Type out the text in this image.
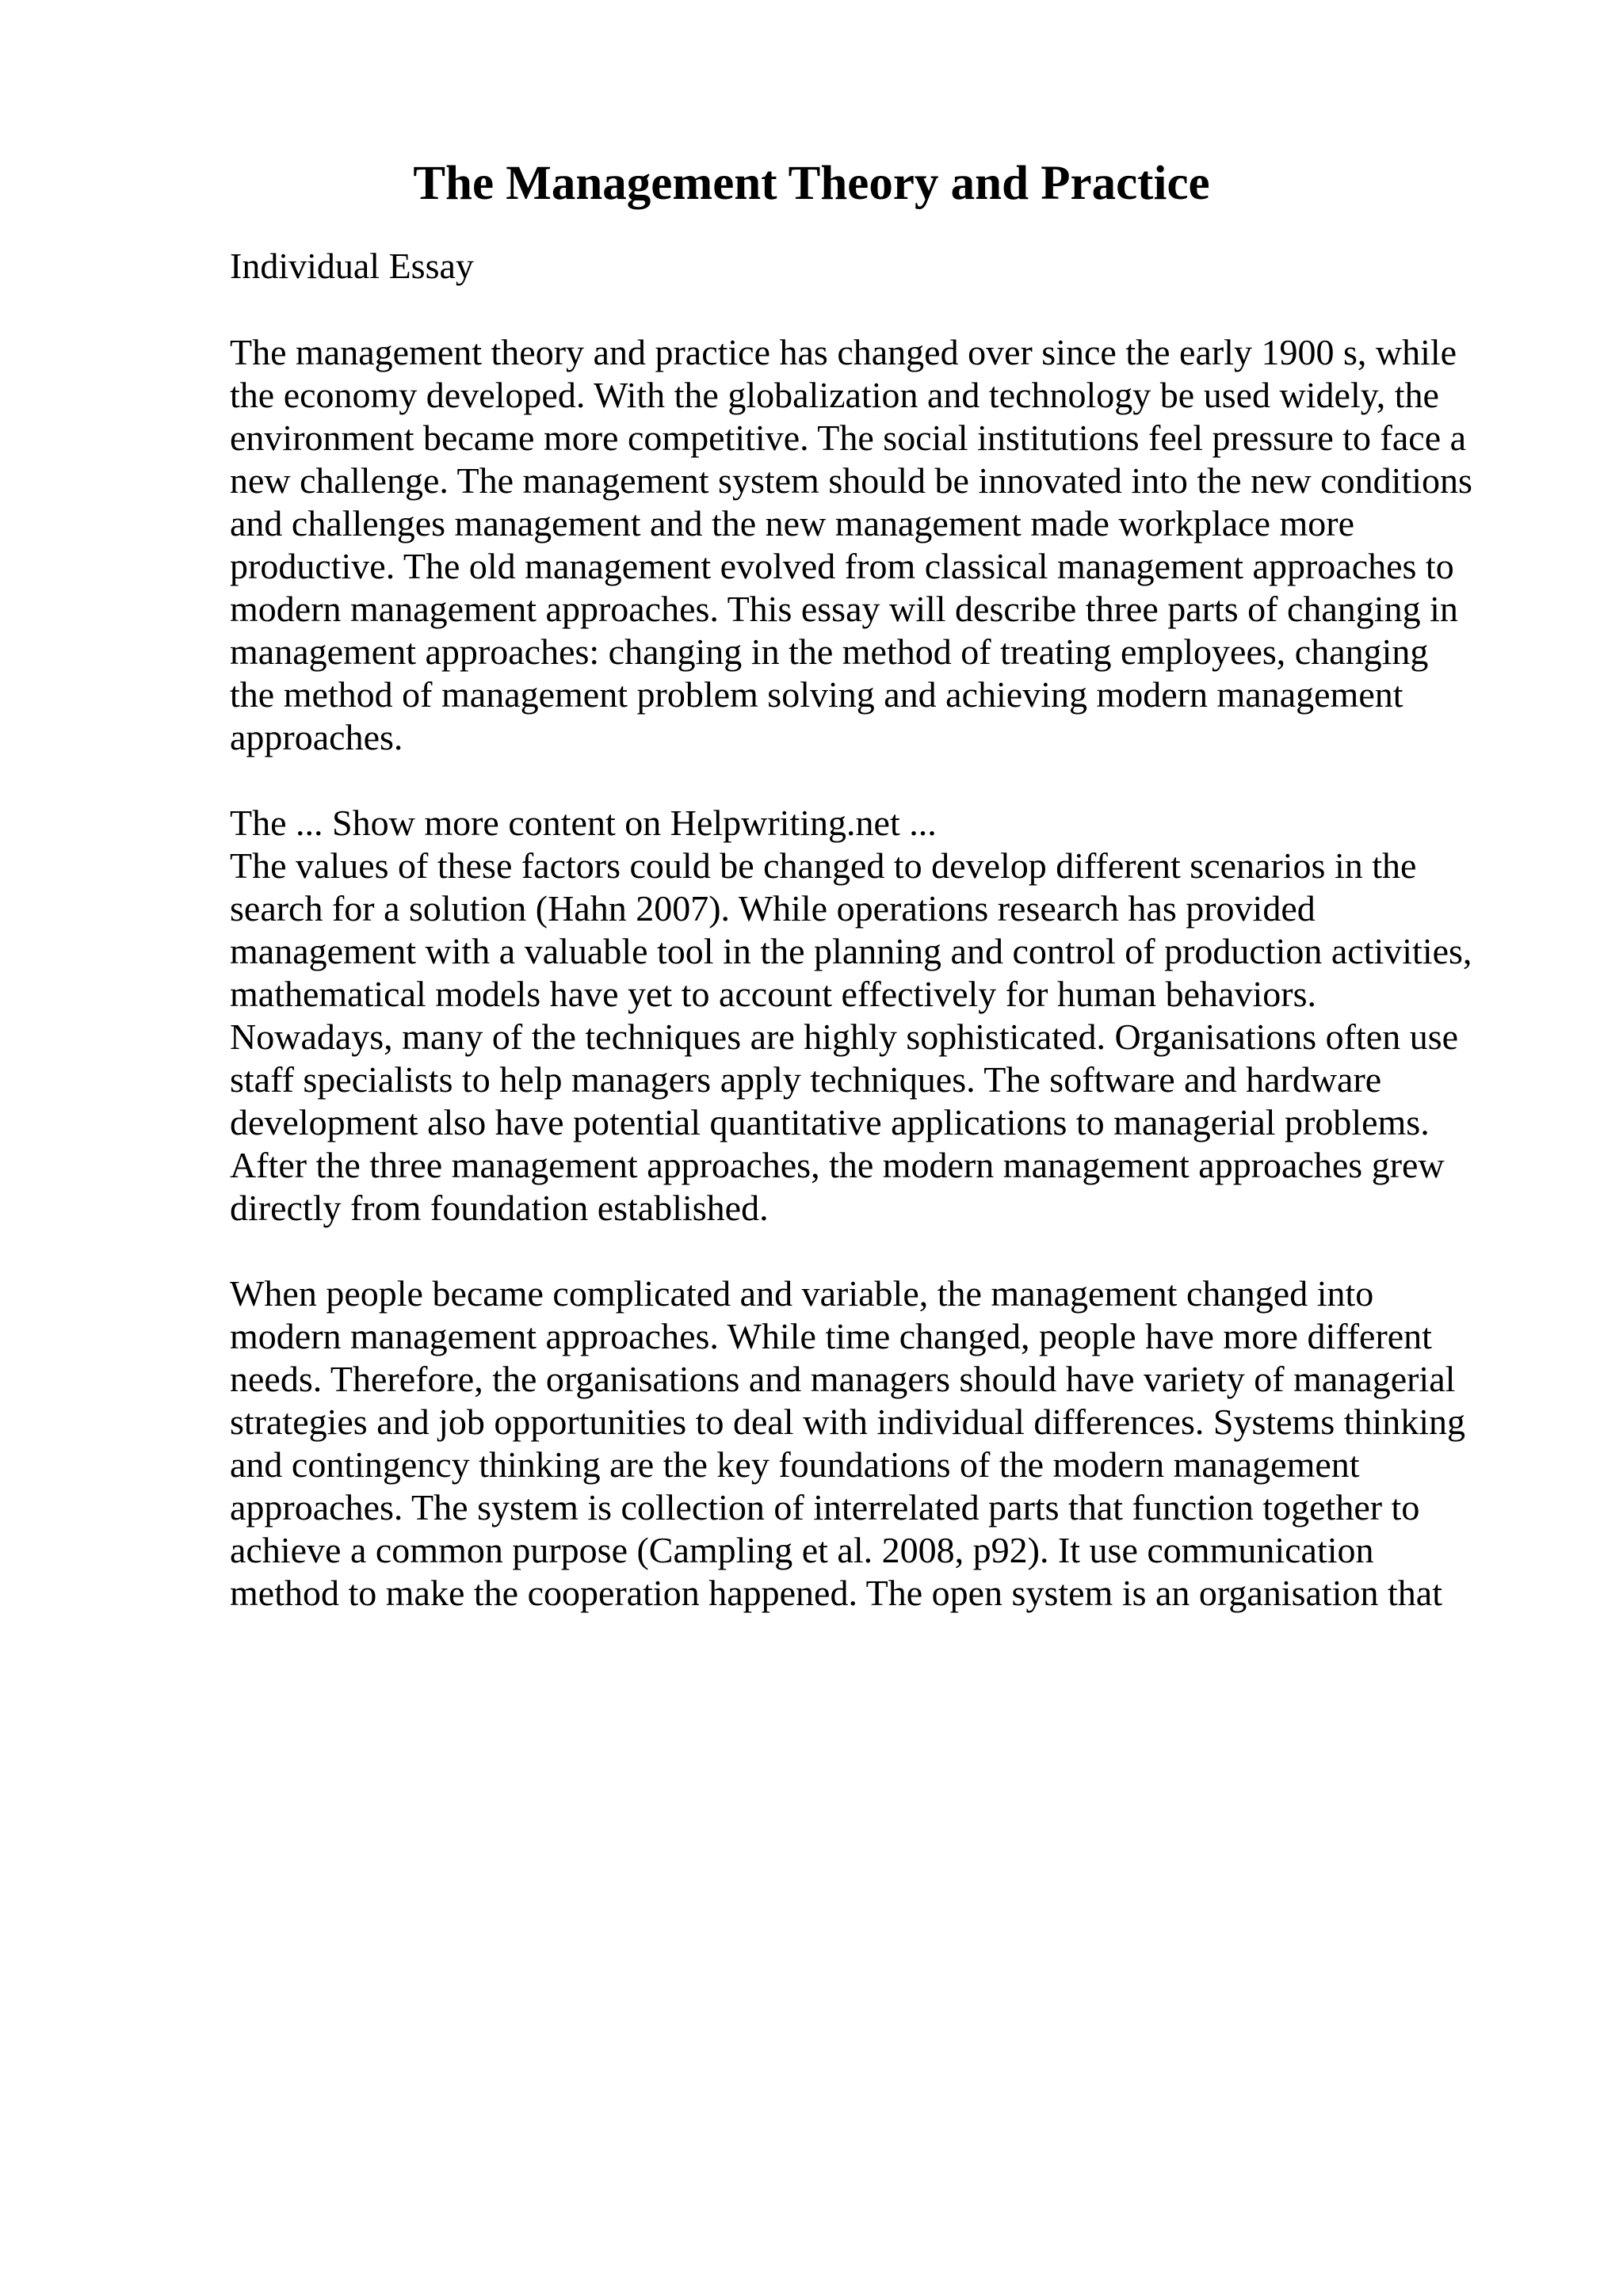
The Management Theory and Practice

Individual Essay

The management theory and practice has changed over since the early 1900 s, while
the economy developed. With the globalization and technology be used widely, the
environment became more competitive. The social institutions feel pressure to face a
new challenge. The management system should be innovated into the new conditions
and challenges management and the new management made workplace more
productive. The old management evolved from classical management approaches to
modern management approaches. This essay will describe three parts of changing in
management approaches: changing in the method of treating employees, changing
the method of management problem solving and achieving modern management
approaches.
The ... Show more content on Helpwriting.net ...
The values of these factors could be changed to develop different scenarios in the
search for a solution (Hahn 2007). While operations research has provided
management with a valuable tool in the planning and control of production activities,
mathematical models have yet to account effectively for human behaviors.
Nowadays, many of the techniques are highly sophisticated. Organisations often use
staff specialists to help managers apply techniques. The software and hardware
development also have potential quantitative applications to managerial problems.
After the three management approaches, the modern management approaches grew
directly from foundation established.
When people became complicated and variable, the management changed into
modern management approaches. While time changed, people have more different
needs. Therefore, the organisations and managers should have variety of managerial
strategies and job opportunities to deal with individual differences. Systems thinking
and contingency thinking are the key foundations of the modern management
approaches. The system is collection of interrelated parts that function together to
achieve a common purpose (Campling et al. 2008, p92). It use communication
method to make the cooperation happened. The open system is an organisation that
